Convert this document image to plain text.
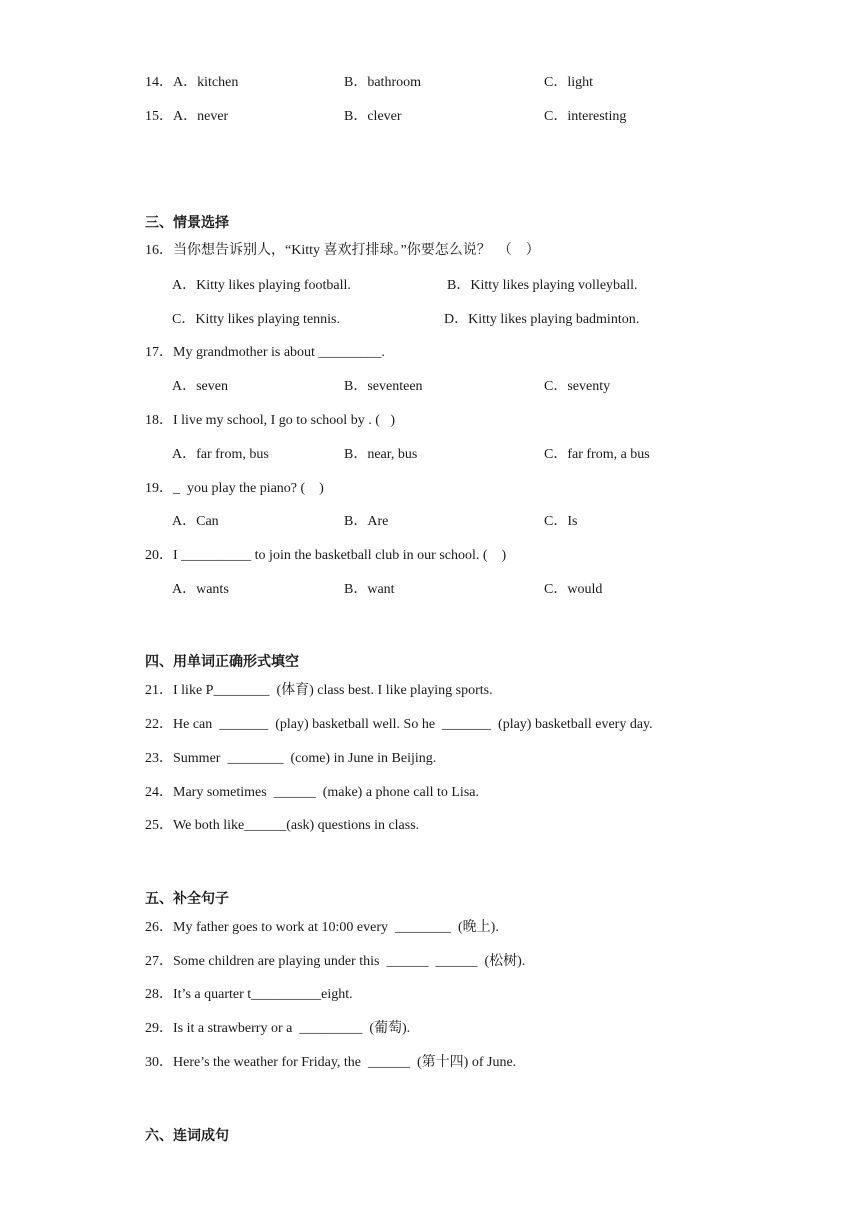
14．A．kitchen	B．bathroom	C．light
15．A．never	B．clever	C．interesting
三、情景选择
16．当你想告诉别人，“Kitty 喜欢打排球。”你要怎么说？　（　）
A．Kitty likes playing football.	B．Kitty likes playing volleyball.
C．Kitty likes playing tennis.	D．Kitty likes playing badminton.
17．My grandmother is about _________.
A．seven	B．seventeen	C．seventy
18．I live my school, I go to school by . (   )
A．far from, bus	B．near, bus	C．far from, a bus
19．_  you play the piano? (    )
A．Can	B．Are	C．Is
20．I __________ to join the basketball club in our school. (    )
A．wants	B．want	C．would
四、用单词正确形式填空
21．I like P________  (体育) class best. I like playing sports.
22．He can  _______  (play) basketball well. So he  _______  (play) basketball every day.
23．Summer  ________  (come) in June in Beijing.
24．Mary sometimes  ______  (make) a phone call to Lisa.
25．We both like______(ask) questions in class.
五、补全句子
26．My father goes to work at 10:00 every  ________  (晚上).
27．Some children are playing under this  ______  ______  (松树).
28．It’s a quarter t__________eight.
29．Is it a strawberry or a  _________  (葡萄).
30．Here’s the weather for Friday, the  ______  (第十四) of June.
六、连词成句
